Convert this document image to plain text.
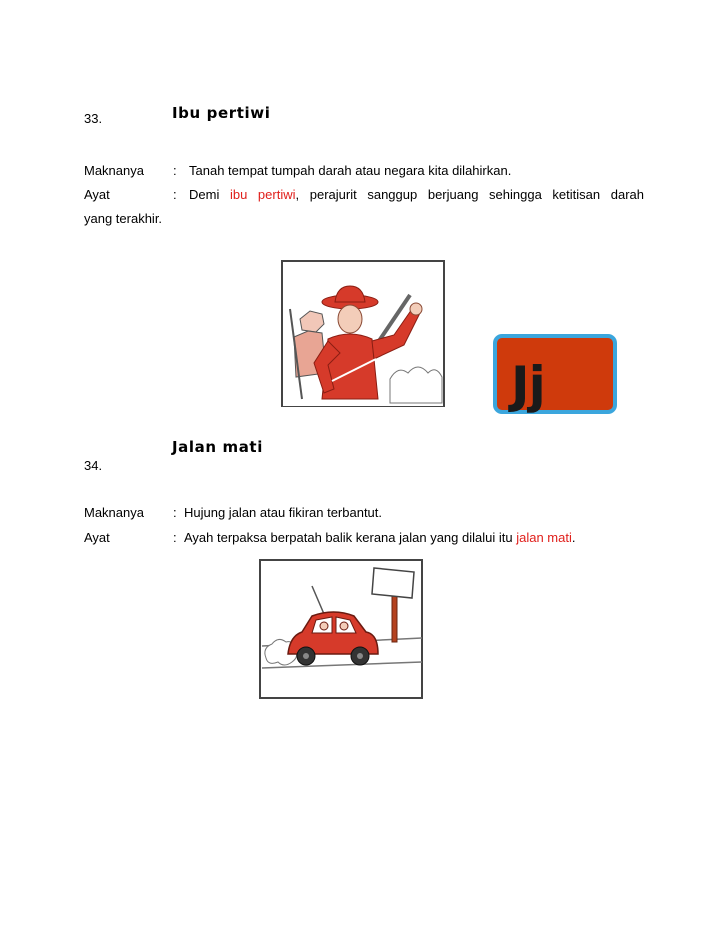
33.	Ibu pertiwi
Maknanya : Tanah tempat tumpah darah atau negara kita dilahirkan.
Ayat	: Demi ibu pertiwi, perajurit sanggup berjuang sehingga ketitisan darah
yang terakhir.
Jj
Jalan mati
34.
Maknanya : Hujung jalan atau fikiran terbantut.
Ayat	: Ayah terpaksa berpatah balik kerana jalan yang dilalui itu jalan mati.
